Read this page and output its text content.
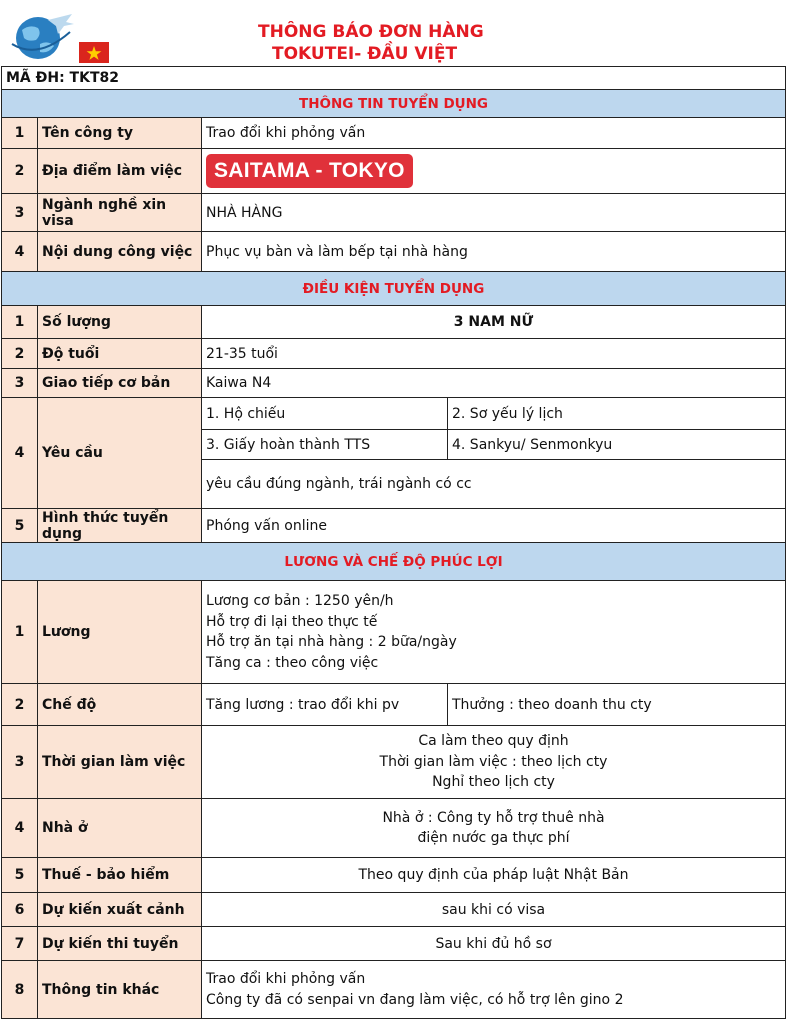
THÔNG BÁO ĐƠN HÀNG
TOKUTEI- ĐẦU VIỆT
MÃ ĐH: TKT82			
THÔNG TIN TUYỂN DỤNG			
1	Tên công ty	Trao đổi khi phỏng vấn	
2	Địa điểm làm việc	SAITAMA - TOKYO	
3	Ngành nghề xin visa	NHÀ HÀNG	
4	Nội dung công việc	Phục vụ bàn và làm bếp tại nhà hàng	
ĐIỀU KIỆN TUYỂN DỤNG			
1	Số lượng	3 NAM NỮ	
2	Độ tuổi	21-35 tuổi	
3	Giao tiếp cơ bản	Kaiwa N4	
4	Yêu cầu	1. Hộ chiếu	2. Sơ yếu lý lịch
		3. Giấy hoàn thành TTS	4. Sankyu/ Senmonkyu
		yêu cầu đúng ngành, trái ngành có cc	
5	Hình thức tuyển dụng	Phóng vấn online	
LƯƠNG VÀ CHẾ ĐỘ PHÚC LỢI			
1	Lương	Lương cơ bản : 1250 yên/h
Hỗ trợ đi lại theo thực tế
Hỗ trợ ăn tại nhà hàng : 2 bữa/ngày
Tăng ca : theo công việc	

2	Chế độ	Tăng lương : trao đổi khi pv	Thưởng : theo doanh thu cty
3	Thời gian làm việc	Ca làm theo quy định
Thời gian làm việc : theo lịch cty
Nghỉ theo lịch cty	

4	Nhà ở	Nhà ở : Công ty hỗ trợ thuê nhà
điện nước ga thực phí	

5	Thuế - bảo hiểm	Theo quy định của pháp luật Nhật Bản	
6	Dự kiến xuất cảnh	sau khi có visa	
7	Dự kiến thi tuyển	Sau khi đủ hồ sơ	
8	Thông tin khác	Trao đổi khi phỏng vấn
Công ty đã có senpai vn đang làm việc, có hỗ trợ lên gino 2	
